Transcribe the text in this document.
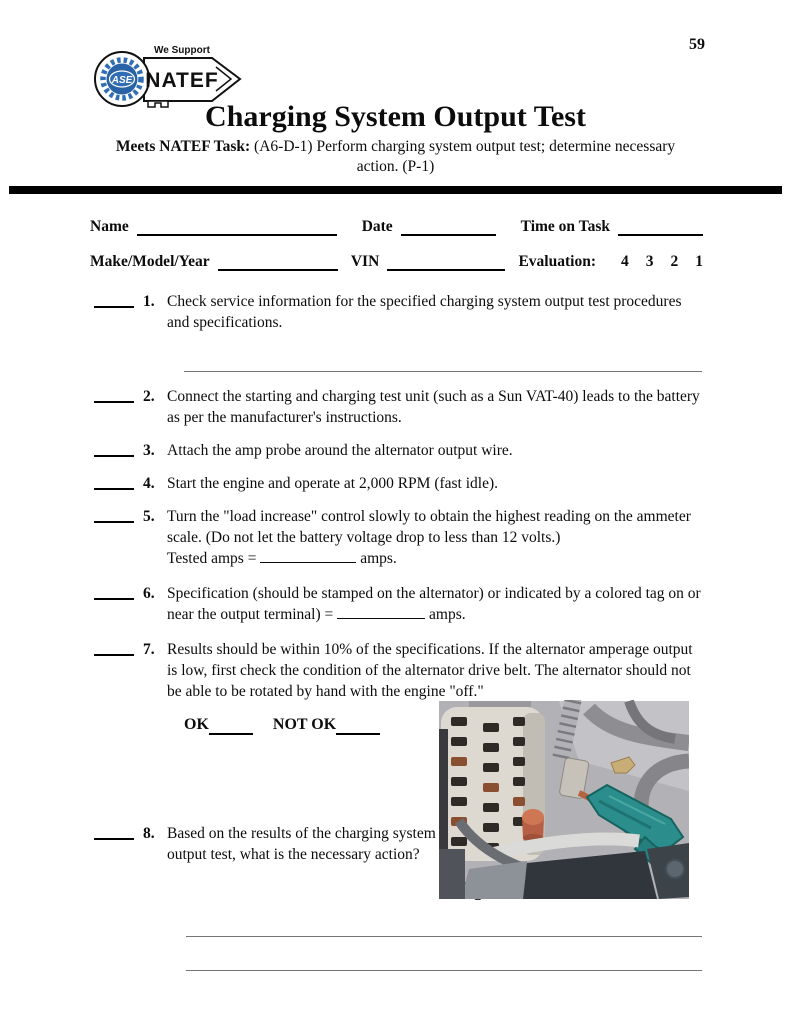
ASE
We Support
NATEF
59
Charging System Output Test

Meets NATEF Task: (A6-D-1) Perform charging system output test; determine necessary
action. (P-1)

Name	Date	Time on Task
Make/Model/Year	VIN	Evaluation: 4 3 2 1
1. Check service information for the specified charging system output test procedures and specifications.
2. Connect the starting and charging test unit (such as a Sun VAT-40) leads to the battery as per the manufacturer's instructions.
3. Attach the amp probe around the alternator output wire.
4. Start the engine and operate at 2,000 RPM (fast idle).
5. Turn the "load increase" control slowly to obtain the highest reading on the ammeter scale. (Do not let the battery voltage drop to less than 12 volts.)
Tested amps =	amps.
6. Specification (should be stamped on the alternator) or indicated by a colored tag on or near the output terminal) =	amps.
7. Results should be within 10% of the specifications. If the alternator amperage output is low, first check the condition of the alternator drive belt. The alternator should not be able to be rotated by hand with the engine "off."
OK	NOT OK
8. Based on the results of the charging system output test, what is the necessary action?
